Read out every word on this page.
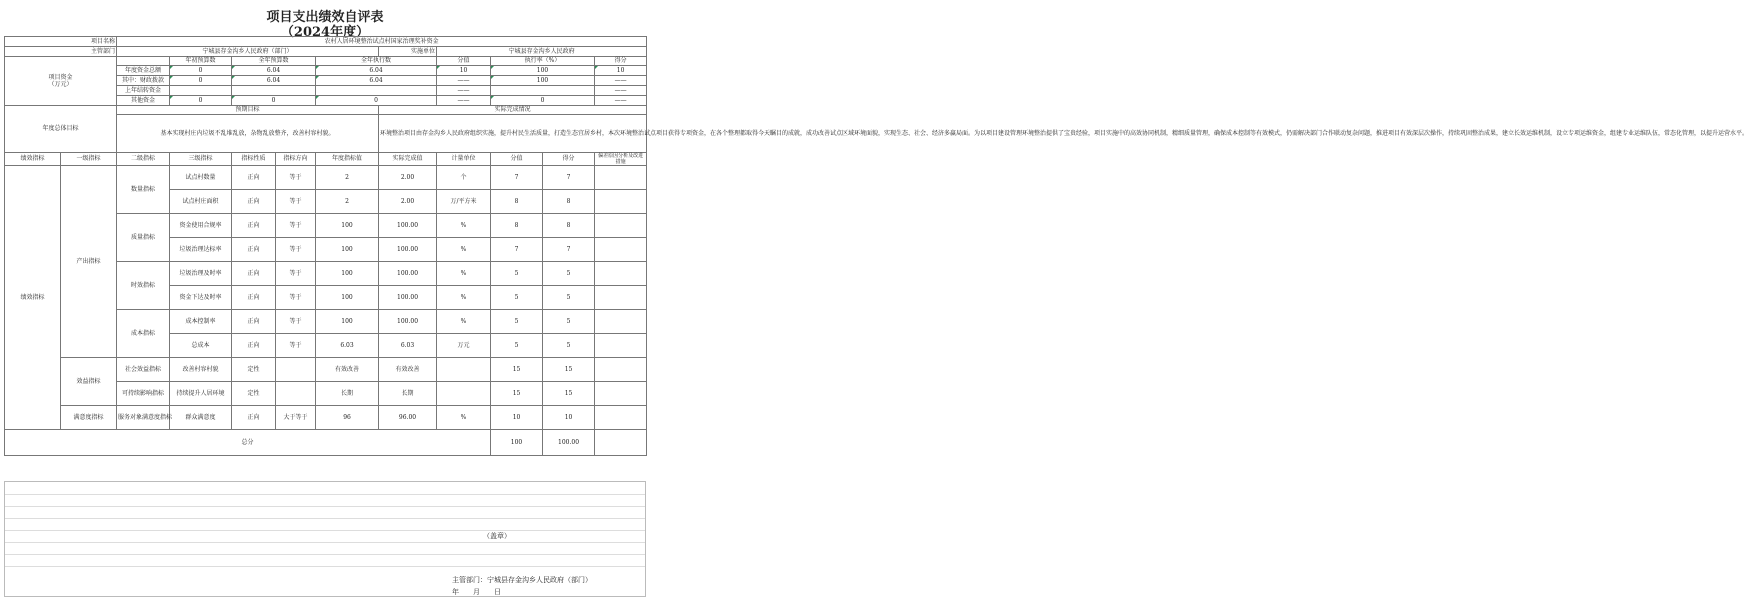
项目支出绩效自评表
（2024年度）
项目名称		农村人居环境整治试点村国家治理奖补资金									
主管部门		宁城县存金沟乡人民政府（部门）					实施单位	宁城县存金沟乡人民政府			
项目资金
（万元）			年初预算数	全年预算数		全年执行数		分值	执行率（%）		得分
		年度资金总额	0	6.04		6.04		10	100		10
		其中：财政拨款	0	6.04		6.04		——	100		——
		上年结转资金						——			——
		其他资金	0	0		0		——	0		——
年度总体目标		预期目标					实际完成情况				
		基本实现村庄内垃圾不乱堆乱放，杂物乱放整齐，改善村容村貌。					环境整治项目由存金沟乡人民政府组织实施，提升村民生活质量，打造生态宜居乡村，本次环境整治试点项目获得专项资金，在各个整理都取得今天瞩目的成就，成功改善试点区域环境面貌，实现生态、社会、经济多赢局面。为以项目建设管理环境整治提供了宝贵经验，项目实施中的高效协同机制，精细质量管理，确保成本控制等有效模式，仍需解决部门合作联动复杂问题，推进项目有效深层次操作，持续巩固整治成果，建立长效运维机制，设立专项运维资金，组建专业运维队伍，常态化管理，以提升运营水平。				
绩效指标	一级指标	二级指标	三级指标	指标性质	指标方向	年度指标值	实际完成值	计量单位	分值	得分	偏差原因分析及改进措施
绩效指标	产出指标	数量指标	试点村数量	正向	等于	2	2.00	个	7	7	
			试点村庄面积	正向	等于	2	2.00	万/平方米	8	8	
		质量指标	资金使用合规率	正向	等于	100	100.00	%	8	8	
			垃圾治理达标率	正向	等于	100	100.00	%	7	7	
		时效指标	垃圾治理及时率	正向	等于	100	100.00	%	5	5	
			资金下达及时率	正向	等于	100	100.00	%	5	5	
		成本指标	成本控制率	正向	等于	100	100.00	%	5	5	
			总成本	正向	等于	6.03	6.03	万元	5	5	
	效益指标	社会效益指标	改善村容村貌	定性		有效改善	有效改善		15	15	
		可持续影响指标	持续提升人居环境	定性		长期	长期		15	15	
	满意度指标	服务对象满意度指标	群众满意度	正向	大于等于	96	96.00	%	10	10	
总分									100	100.00	
（盖章）
主管部门：宁城县存金沟乡人民政府（部门）
年　　月　　日
